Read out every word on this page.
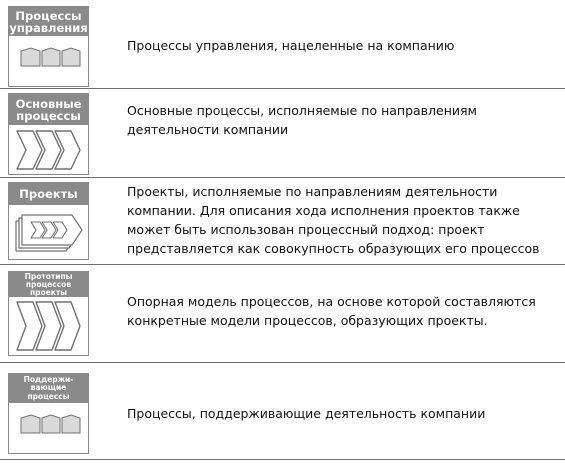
Процессы
управления
Процессы управления, нацеленные на компанию
Основные
процессы	Основные процессы, исполняемые по направлениям деятельности компании
Проекты	Проекты, исполняемые по направлениям деятельности компании. Для описания хода исполнения проектов также может быть использован процессный подход: проект представляется как совокупность образующих его процессов
Прототипы
процессов
проекты
Опорная модель процессов, на основе которой составляются конкретные модели процессов, образующих проекты.
Поддержи-
вающие
процессы
Процессы, поддерживающие деятельность компании
